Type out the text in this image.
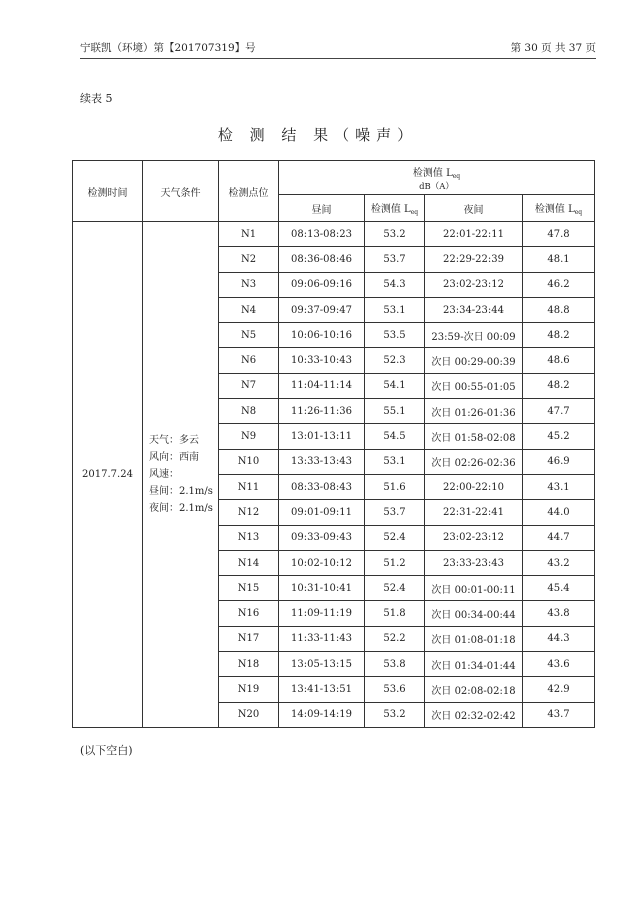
宁联凯（环境）第【201707319】号	第 30 页 共 37 页
续表 5
检 测 结 果（噪声）
检测时间	天气条件	检测点位	检测值 $L_{eq}$
dB（A）			

			昼间	检测值 $L_{eq}$	夜间	检测值 $L_{eq}$
2017.7.24	天气：多云
风向：西南
风速：
昼间：2.1m/s
夜间：2.1m/s	N1	08:13-08:23	53.2	22:01-22:11	47.8
		N2	08:36-08:46	53.7	22:29-22:39	48.1
		N3	09:06-09:16	54.3	23:02-23:12	46.2
		N4	09:37-09:47	53.1	23:34-23:44	48.8
		N5	10:06-10:16	53.5	23:59-次日 00:09	48.2
		N6	10:33-10:43	52.3	次日 00:29-00:39	48.6
		N7	11:04-11:14	54.1	次日 00:55-01:05	48.2
		N8	11:26-11:36	55.1	次日 01:26-01:36	47.7
		N9	13:01-13:11	54.5	次日 01:58-02:08	45.2
		N10	13:33-13:43	53.1	次日 02:26-02:36	46.9
		N11	08:33-08:43	51.6	22:00-22:10	43.1
		N12	09:01-09:11	53.7	22:31-22:41	44.0
		N13	09:33-09:43	52.4	23:02-23:12	44.7
		N14	10:02-10:12	51.2	23:33-23:43	43.2
		N15	10:31-10:41	52.4	次日 00:01-00:11	45.4
		N16	11:09-11:19	51.8	次日 00:34-00:44	43.8
		N17	11:33-11:43	52.2	次日 01:08-01:18	44.3
		N18	13:05-13:15	53.8	次日 01:34-01:44	43.6
		N19	13:41-13:51	53.6	次日 02:08-02:18	42.9
		N20	14:09-14:19	53.2	次日 02:32-02:42	43.7
(以下空白)
